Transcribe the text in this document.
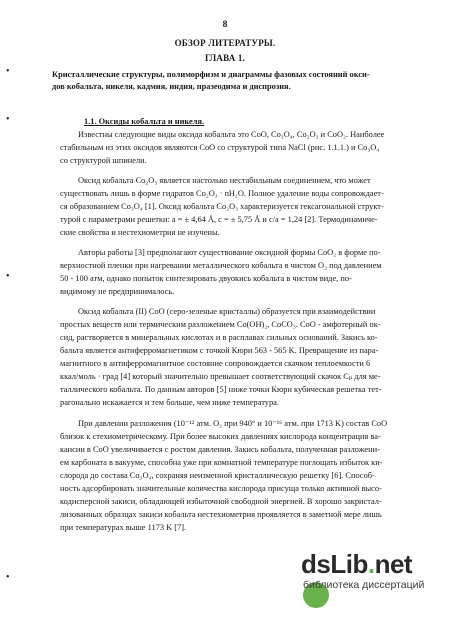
8
ОБЗОР ЛИТЕРАТУРЫ.
ГЛАВА 1.
•	Кристаллические структуры, полиморфизм и диаграммы фазовых состояний окси-
дов кобальта, никеля, кадмия, индия, празеодима и диспрозия.
•	1.1. Оксиды кобальта и никеля.
Известны следующие виды оксида кобальта это CoO, Co₃O₄, Co₂O₃ и CoO₂. Наиболее
стабильным из этих оксидов являются CoO со структурой типа NaCl (рис. 1.1.1.) и Co₃O₄
со структурой шпинели.
Оксид кобальта Co₂O₃ является настолько нестабильным соединением, что может
существовать лишь в форме гидратов Co₂O₃ · nH₂O. Полное удаление воды сопровождает-
ся образованием Co₃O₄ [1]. Оксид кобальта Co₂O₃ характеризуется гексагональной структ-
турой с параметрами решетки: a = ± 4,64 Å, c = ± 5,75 Å и c/a = 1,24 [2]. Термодинамиче-
ские свойства и нестехиометрия не изучены.
Авторы работы [3] предполагают существование оксидной формы CoO₂ в форме по-
верхностной пленки при нагревании металлического кобальта в чистом O₂ под давлением
•	50 - 100 атм, однако попыток синтезировать двуокись кобальта в чистом виде, по-
видимому не предпринималось.
Оксид кобальта (II) CoO (серо-зеленые кристаллы) образуется при взаимодействии
простых веществ или термическим разложением Co(OH)₂, CoCO₃. CoO - амфотерный ок-
сид, растворяется в минеральных кислотах и в расплавах сильных оснований. Закись ко-
бальта является антиферромагнетиком с точкой Кюри 563 - 565 K. Превращение из пара-
магнитного в антиферромагнитное состояние сопровождается скачком теплоемкости 6
ккал/моль · град [4] который значительно превышает соответствующий скачок Cₚ для ме-
таллического кобальта. По данным авторов [5] ниже точки Кюри кубическая решетка тет-
рагонально искажается и тем больше, чем ниже температура.
При давлении разложения (10⁻¹² атм. O₂ при 940° и 10⁻¹⁶ атм. при 1713 K) состав CoO
близок к стехиометрическому. При более высоких давлениях кислорода концентрация ва-
кансии в CoO увеличивается с ростом давления. Закись кобальта, полученная разложени-
ем карбоната в вакууме, способна уже при комнатной температуре поглощать избыток ки-
слорода до состава Co₃O₄, сохраняя неизменной кристаллическую решетку [6]. Способ-
ность адсорбировать значительные количества кислорода присуща только активной высо-
кодисперсной закиси, обладающей избыточной свободной энергией. В хорошо закристал-
лизованных образцах закиси кобальта нестехиометрия проявляется в заметной мере лишь
при температурах выше 1173 K [7].
•	dsLib.net
библиотека диссертаций
